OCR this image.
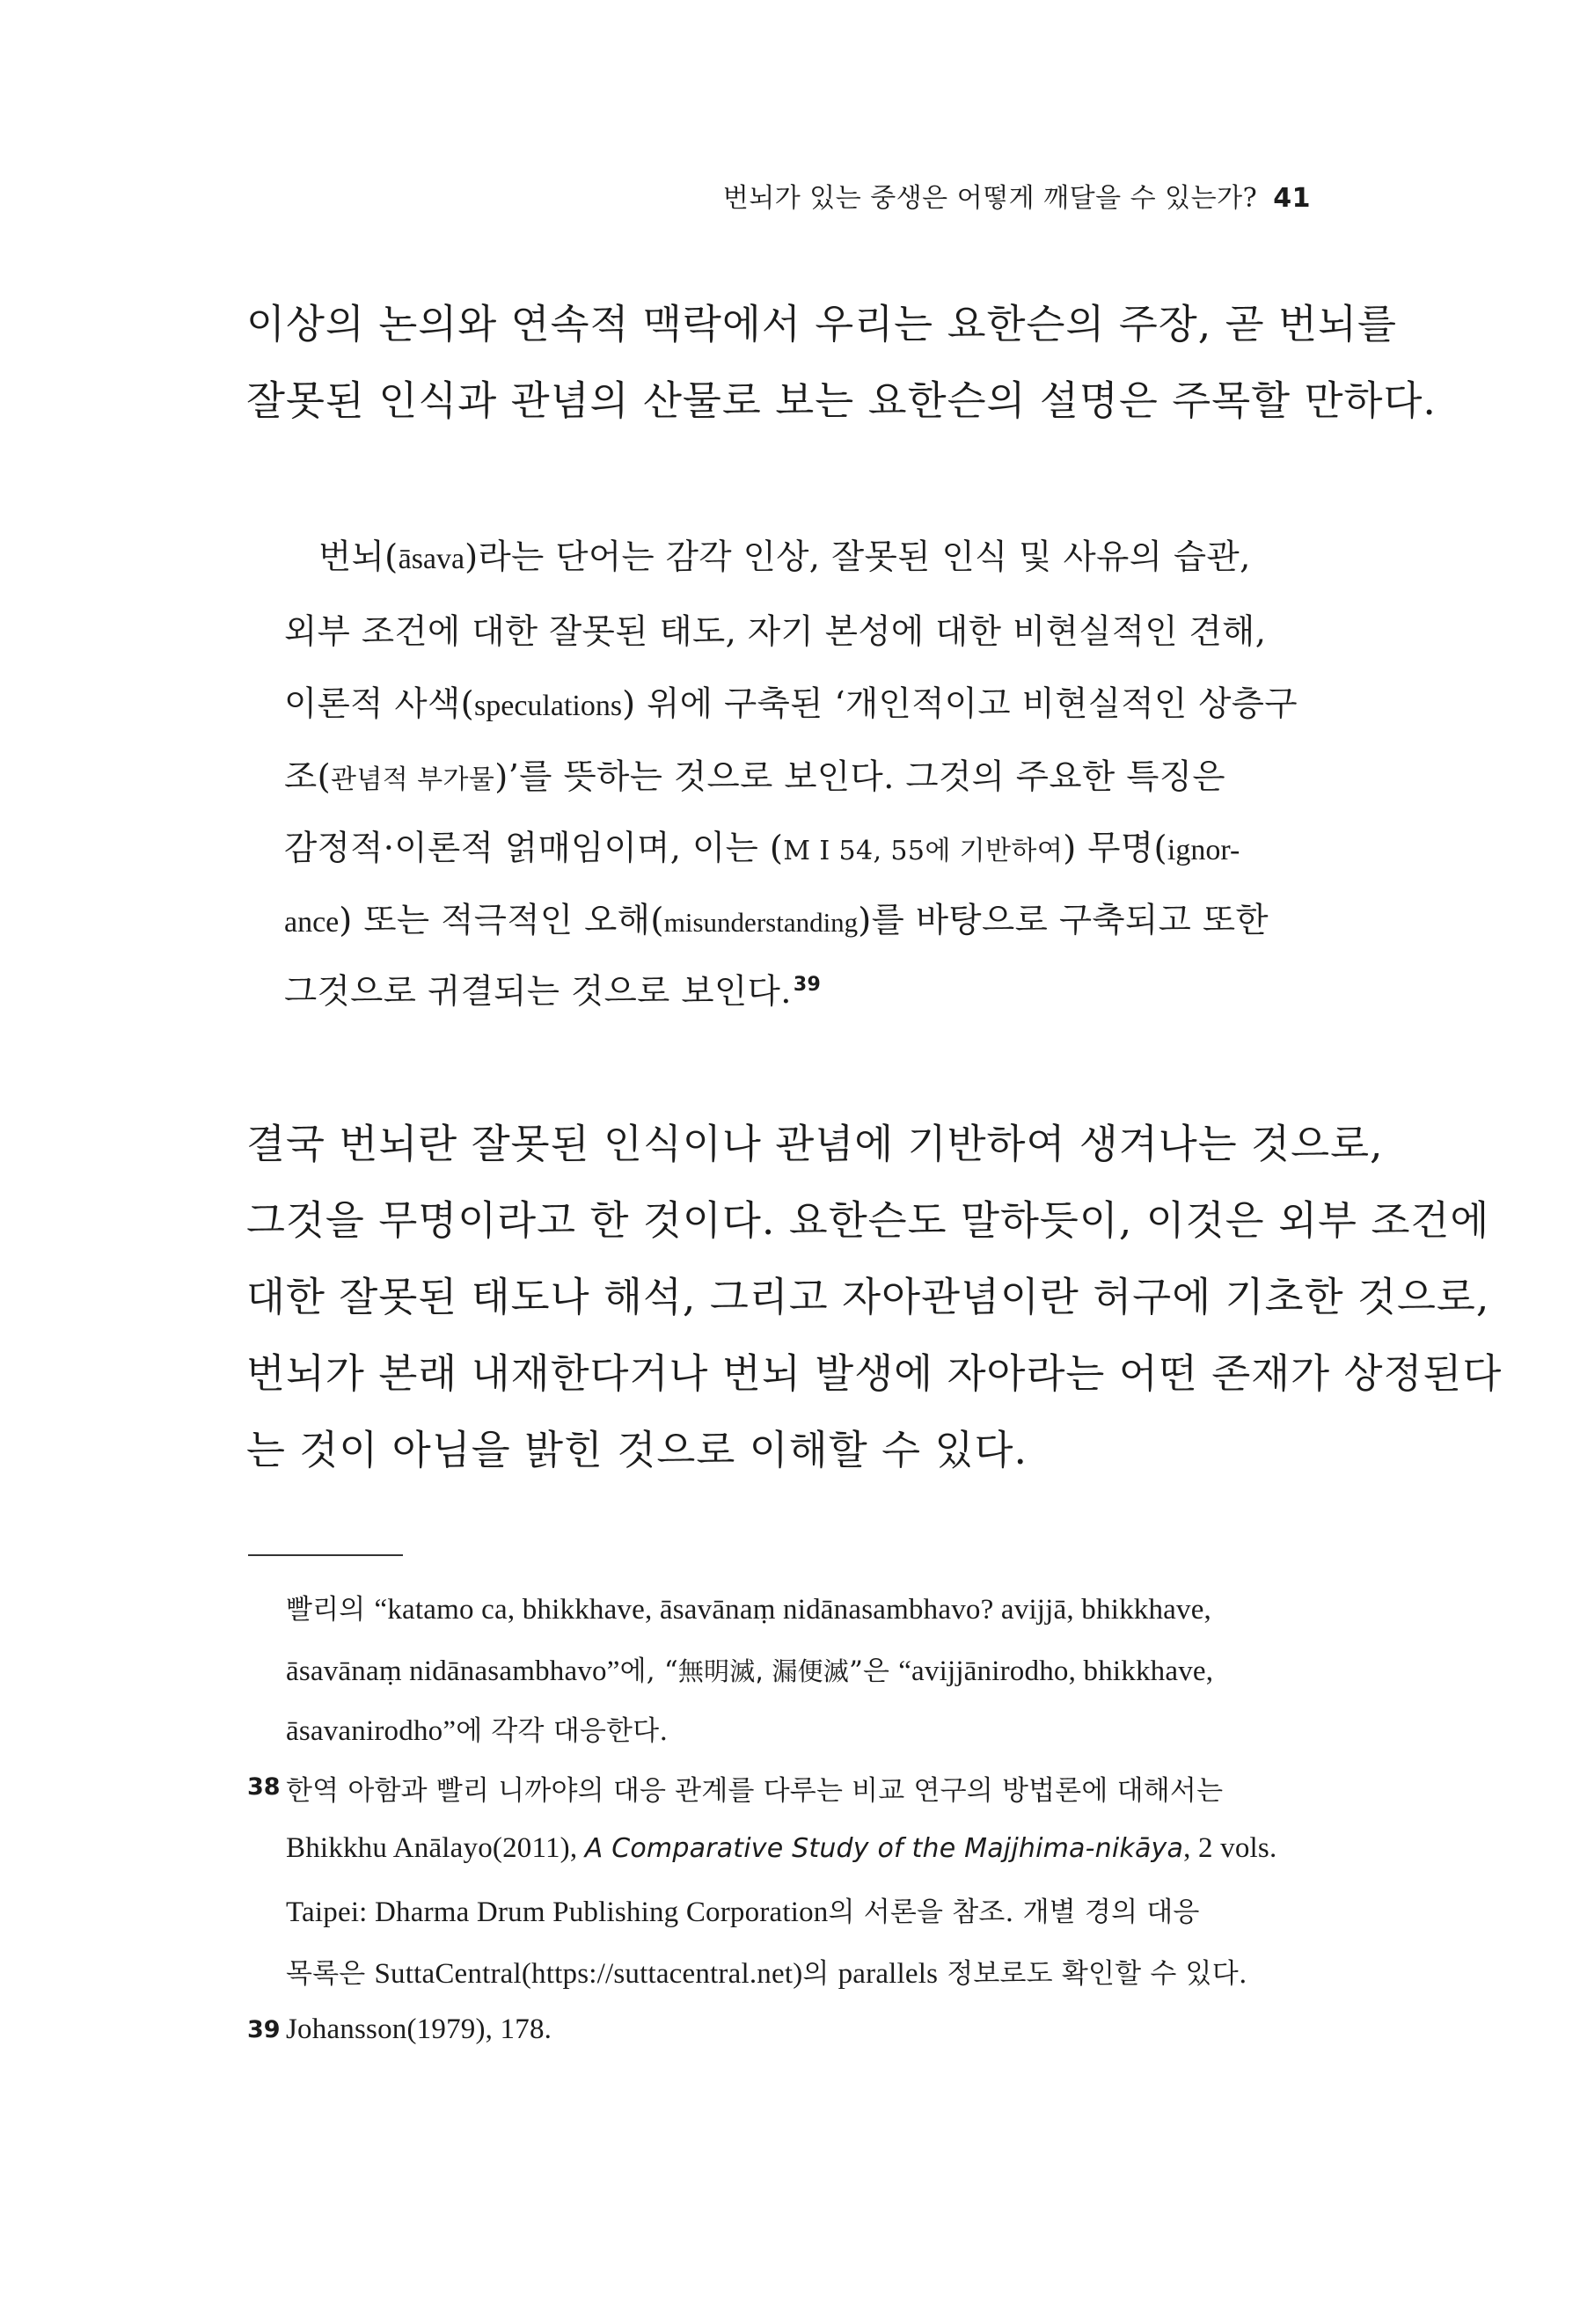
번뇌가 있는 중생은 어떻게 깨달을 수 있는가? 41
이상의 논의와 연속적 맥락에서 우리는 요한슨의 주장, 곧 번뇌를
잘못된 인식과 관념의 산물로 보는 요한슨의 설명은 주목할 만하다.
번뇌(āsava)라는 단어는 감각 인상, 잘못된 인식 및 사유의 습관,
외부 조건에 대한 잘못된 태도, 자기 본성에 대한 비현실적인 견해,
이론적 사색(speculations) 위에 구축된 ‘개인적이고 비현실적인 상층구
조(관념적 부가물)’를 뜻하는 것으로 보인다. 그것의 주요한 특징은
감정적·이론적 얽매임이며, 이는 (M I 54, 55에 기반하여) 무명(ignor-
ance) 또는 적극적인 오해(misunderstanding)를 바탕으로 구축되고 또한
그것으로 귀결되는 것으로 보인다.$^{39}$
결국 번뇌란 잘못된 인식이나 관념에 기반하여 생겨나는 것으로,
그것을 무명이라고 한 것이다. 요한슨도 말하듯이, 이것은 외부 조건에
대한 잘못된 태도나 해석, 그리고 자아관념이란 허구에 기초한 것으로,
번뇌가 본래 내재한다거나 번뇌 발생에 자아라는 어떤 존재가 상정된다
는 것이 아님을 밝힌 것으로 이해할 수 있다.
빨리의 “katamo ca, bhikkhave, āsavānaṃ nidānasambhavo? avijjā, bhikkhave,
āsavānaṃ nidānasambhavo”에, “無明滅, 漏便滅”은 “avijjānirodho, bhikkhave,
āsavanirodho”에 각각 대응한다.
38 한역 아함과 빨리 니까야의 대응 관계를 다루는 비교 연구의 방법론에 대해서는
Bhikkhu Anālayo(2011), A Comparative Study of the Majjhima-nikāya, 2 vols.
Taipei: Dharma Drum Publishing Corporation의 서론을 참조. 개별 경의 대응
목록은 SuttaCentral(https://suttacentral.net)의 parallels 정보로도 확인할 수 있다.
39 Johansson(1979), 178.
